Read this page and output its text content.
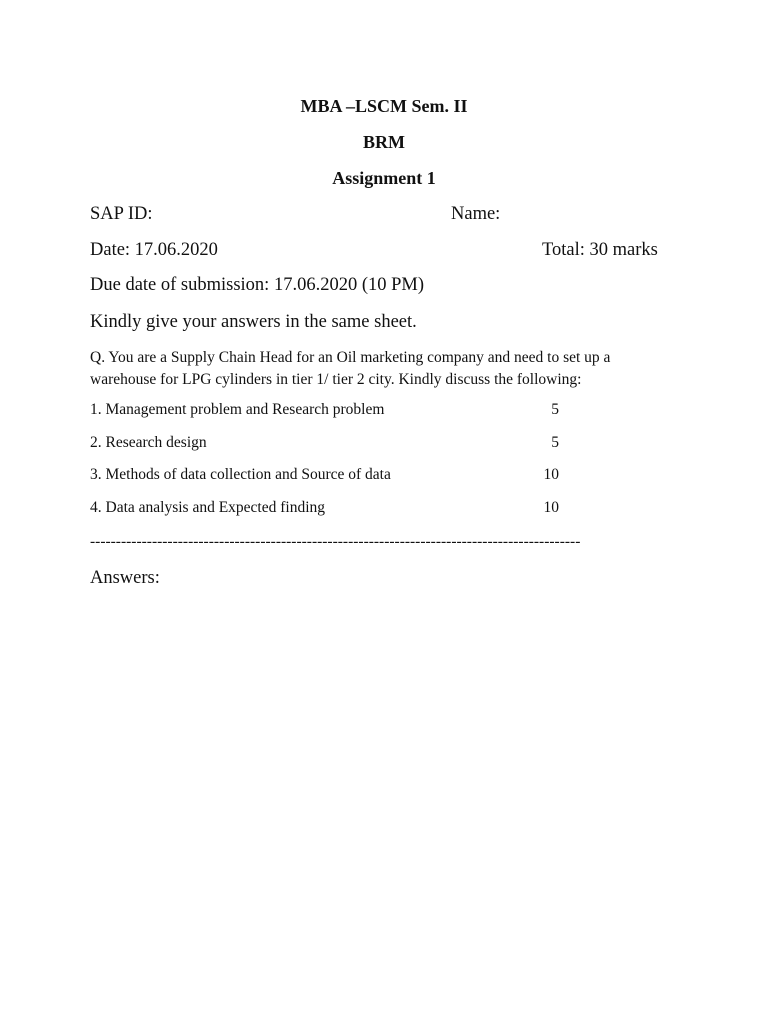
MBA –LSCM Sem. II
BRM
Assignment 1
SAP ID:	Name:
Date: 17.06.2020	Total: 30 marks
Due date of submission: 17.06.2020 (10 PM)
Kindly give your answers in the same sheet.
Q. You are a Supply Chain Head for an Oil marketing company and need to set up a warehouse for LPG cylinders in tier 1/ tier 2 city. Kindly discuss the following:
1. Management problem and Research problem	5
2. Research design	5
3. Methods of data collection and Source of data	10
4. Data analysis and Expected finding	10
-----------------------------------------------------------------------------------------------
Answers:
